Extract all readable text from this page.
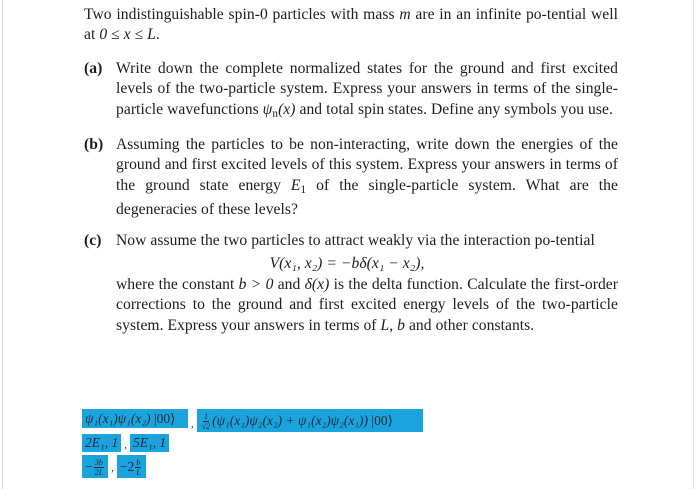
Two indistinguishable spin-0 particles with mass m are in an infinite po-tential well at 0 ≤ x ≤ L.

(a) Write down the complete normalized states for the ground and first excited levels of the two-particle system. Express your answers in terms of the single-particle wavefunctions $\psi_n(x)$ and total spin states. Define any symbols you use.
(b) Assuming the particles to be non-interacting, write down the energies of the ground and first excited levels of this system. Express your answers in terms of the ground state energy $E_1$ of the single-particle system. What are the degeneracies of these levels?
(c) Now assume the two particles to attract weakly via the interaction po-tential
V(x₁, x₂) = −bδ(x₁ − x₂),
where the constant b > 0 and δ(x) is the delta function. Calculate the first-order corrections to the ground and first excited energy levels of the two-particle system. Express your answers in terms of L, b and other constants.
ψ₁(x₁)ψ₁(x₂) |00⟩	, $\frac{1}{√2} (\psi_1(x_1)\psi_2(x_2) + \psi_1(x_2)\psi_2(x_1))$ |00⟩
2E₁, 1 , 5E₁, 1
− $\frac{3b}{2L}$ , $-2 \frac{b}{L}$
